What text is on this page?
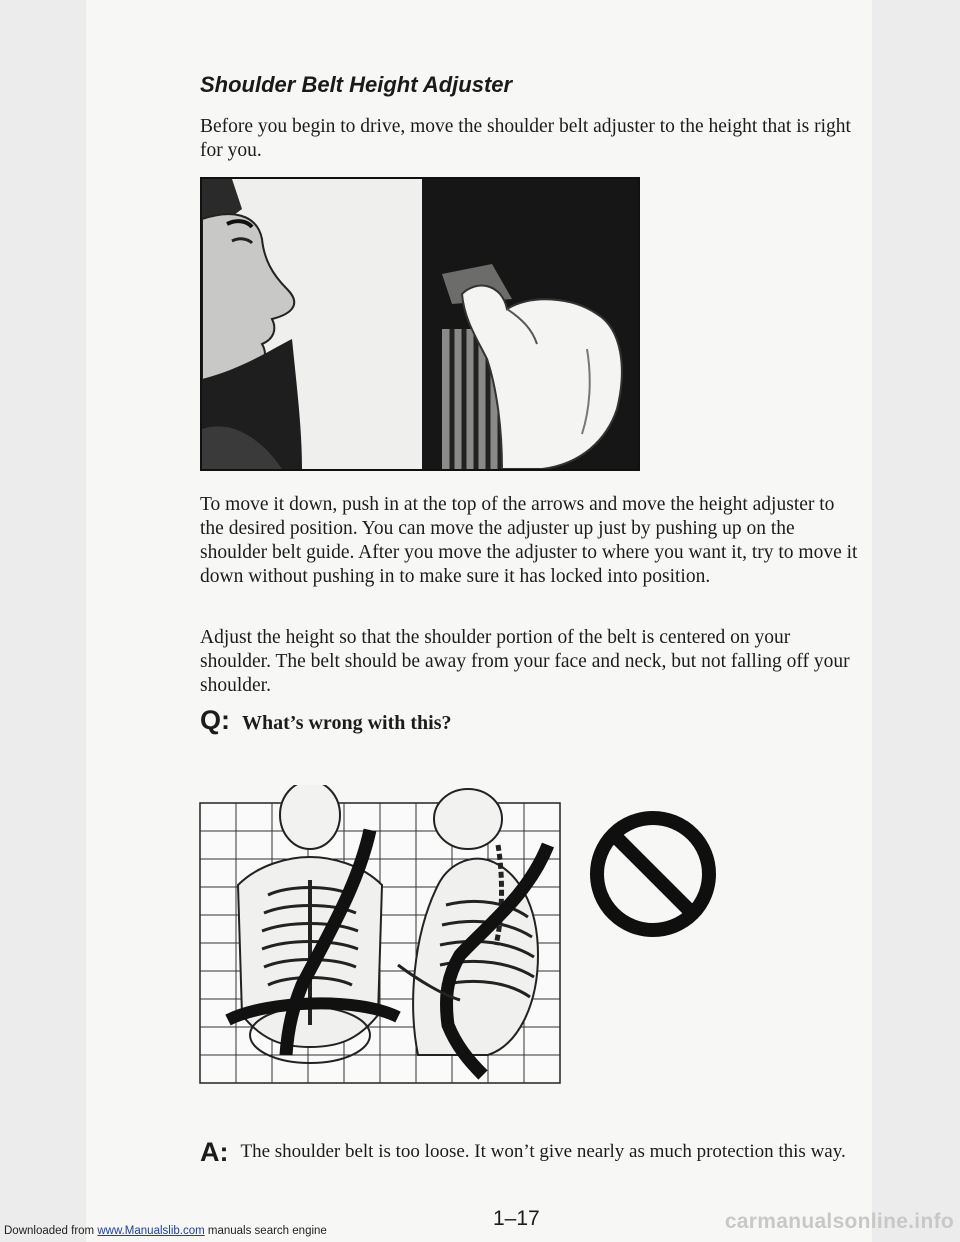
Shoulder Belt Height Adjuster

Before you begin to drive, move the shoulder belt adjuster to the height that is right for you.

To move it down, push in at the top of the arrows and move the height adjuster to the desired position. You can move the adjuster up just by pushing up on the shoulder belt guide. After you move the adjuster to where you want it, try to move it down without pushing in to make sure it has locked into position.

Adjust the height so that the shoulder portion of the belt is centered on your shoulder. The belt should be away from your face and neck, but not falling off your shoulder.

Q: What’s wrong with this?

A: The shoulder belt is too loose. It won’t give nearly as much protection this way.
1–17
Downloaded from www.Manualslib.com manuals search engine	carmanualsonline.info
